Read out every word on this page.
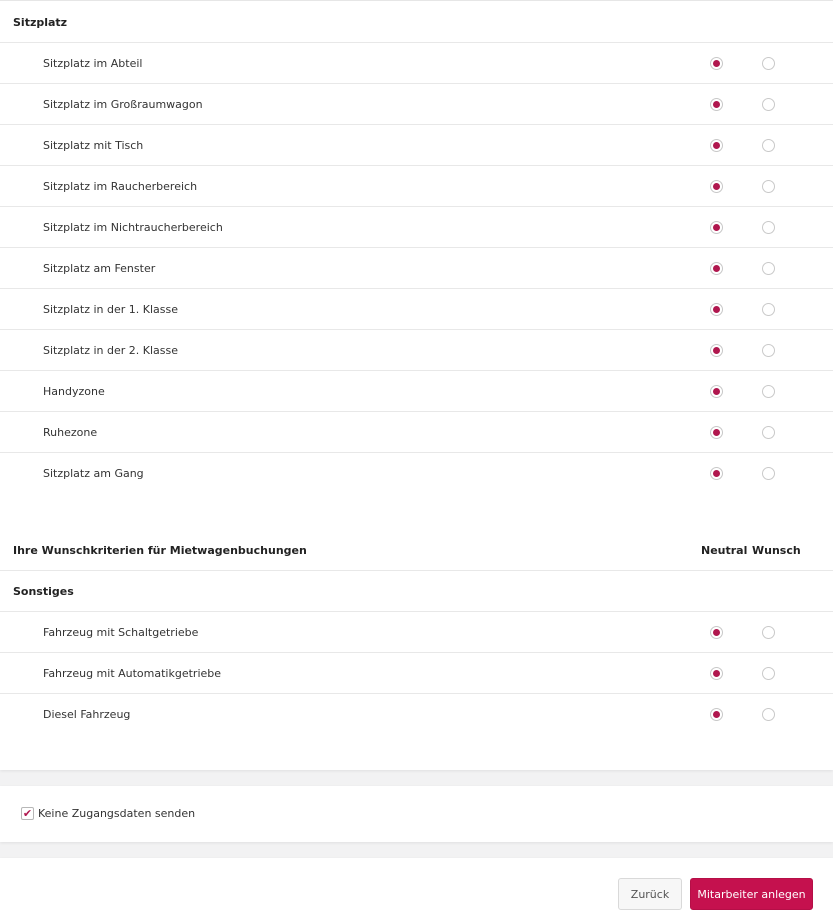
Sitzplatz
Sitzplatz im Abteil
Sitzplatz im Großraumwagon
Sitzplatz mit Tisch
Sitzplatz im Raucherbereich
Sitzplatz im Nichtraucherbereich
Sitzplatz am Fenster
Sitzplatz in der 1. Klasse
Sitzplatz in der 2. Klasse
Handyzone
Ruhezone
Sitzplatz am Gang
Ihre Wunschkriterien für Mietwagenbuchungen	Neutral Wunsch
Sonstiges
Fahrzeug mit Schaltgetriebe
Fahrzeug mit Automatikgetriebe
Diesel Fahrzeug
✔ Keine Zugangsdaten senden
Zurück	Mitarbeiter anlegen
